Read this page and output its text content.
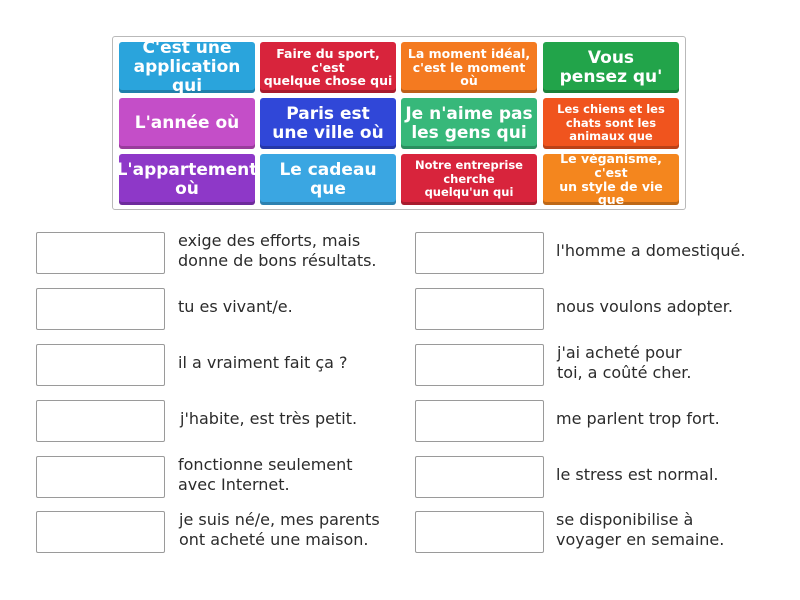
C'est une
application qui
Faire du sport, c'est
quelque chose qui
La moment idéal,
c'est le moment où
Vous
pensez qu'
L'année où	Paris est
une ville où
Je n'aime pas
les gens qui
Les chiens et les
chats sont les
animaux que
L'appartement
où
Le cadeau
que
Notre entreprise
cherche
quelqu'un qui
Le véganisme, c'est
un style de vie que
exige des efforts, mais
donne de bons résultats.
tu es vivant/e.
il a vraiment fait ça ?
j'habite, est très petit.
fonctionne seulement
avec Internet.
je suis né/e, mes parents
ont acheté une maison.
l'homme a domestiqué.
nous voulons adopter.
j'ai acheté pour
toi, a coûté cher.
me parlent trop fort.
le stress est normal.
se disponibilise à
voyager en semaine.
